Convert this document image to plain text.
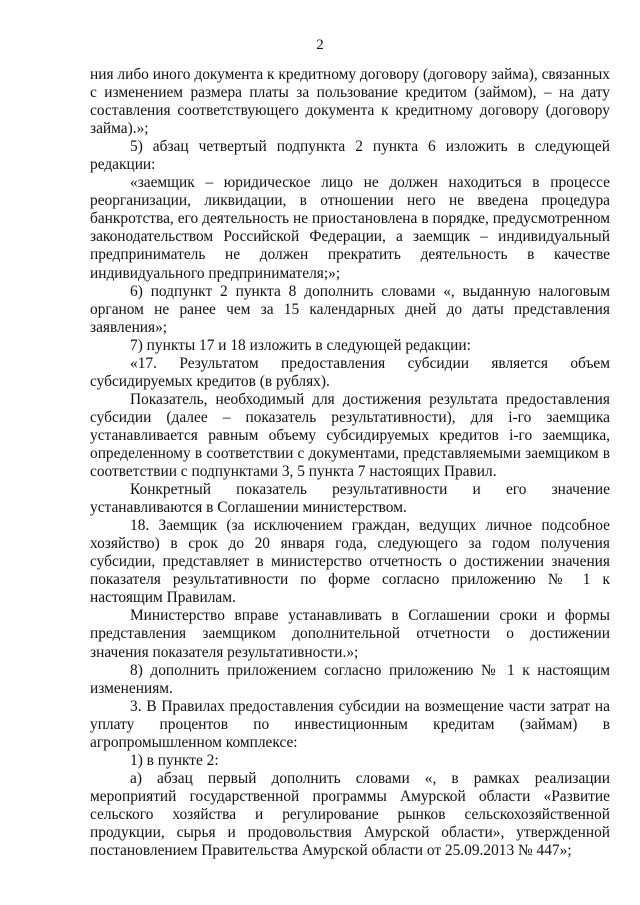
2

ния либо иного документа к кредитному договору (договору займа), связанных с изменением размера платы за пользование кредитом (займом), – на дату составления соответствующего документа к кредитному договору (договору займа).»;

5) абзац четвертый подпункта 2 пункта 6 изложить в следующей редакции:

«заемщик – юридическое лицо не должен находиться в процессе реорганизации, ликвидации, в отношении него не введена процедура банкротства, его деятельность не приостановлена в порядке, предусмотренном законодательством Российской Федерации, а заемщик – индивидуальный предприниматель не должен прекратить деятельность в качестве индивидуального предпринимателя;»;

6) подпункт 2 пункта 8 дополнить словами «, выданную налоговым органом не ранее чем за 15 календарных дней до даты представления заявления»;

7) пункты 17 и 18 изложить в следующей редакции:

«17. Результатом предоставления субсидии является объем субсидируемых кредитов (в рублях).

Показатель, необходимый для достижения результата предоставления субсидии (далее – показатель результативности), для i-го заемщика устанавливается равным объему субсидируемых кредитов i-го заемщика, определенному в соответствии с документами, представляемыми заемщиком в соответствии с подпунктами 3, 5 пункта 7 настоящих Правил.

Конкретный показатель результативности и его значение устанавливаются в Соглашении министерством.

18. Заемщик (за исключением граждан, ведущих личное подсобное хозяйство) в срок до 20 января года, следующего за годом получения субсидии, представляет в министерство отчетность о достижении значения показателя результативности по форме согласно приложению № 1 к настоящим Правилам.

Министерство вправе устанавливать в Соглашении сроки и формы представления заемщиком дополнительной отчетности о достижении значения показателя результативности.»;

8) дополнить приложением согласно приложению № 1 к настоящим изменениям.

3. В Правилах предоставления субсидии на возмещение части затрат на уплату процентов по инвестиционным кредитам (займам) в агропромышленном комплексе:

1) в пункте 2:

а) абзац первый дополнить словами «, в рамках реализации мероприятий государственной программы Амурской области «Развитие сельского хозяйства и регулирование рынков сельскохозяйственной продукции, сырья и продовольствия Амурской области», утвержденной постановлением Правительства Амурской области от 25.09.2013 № 447»;
